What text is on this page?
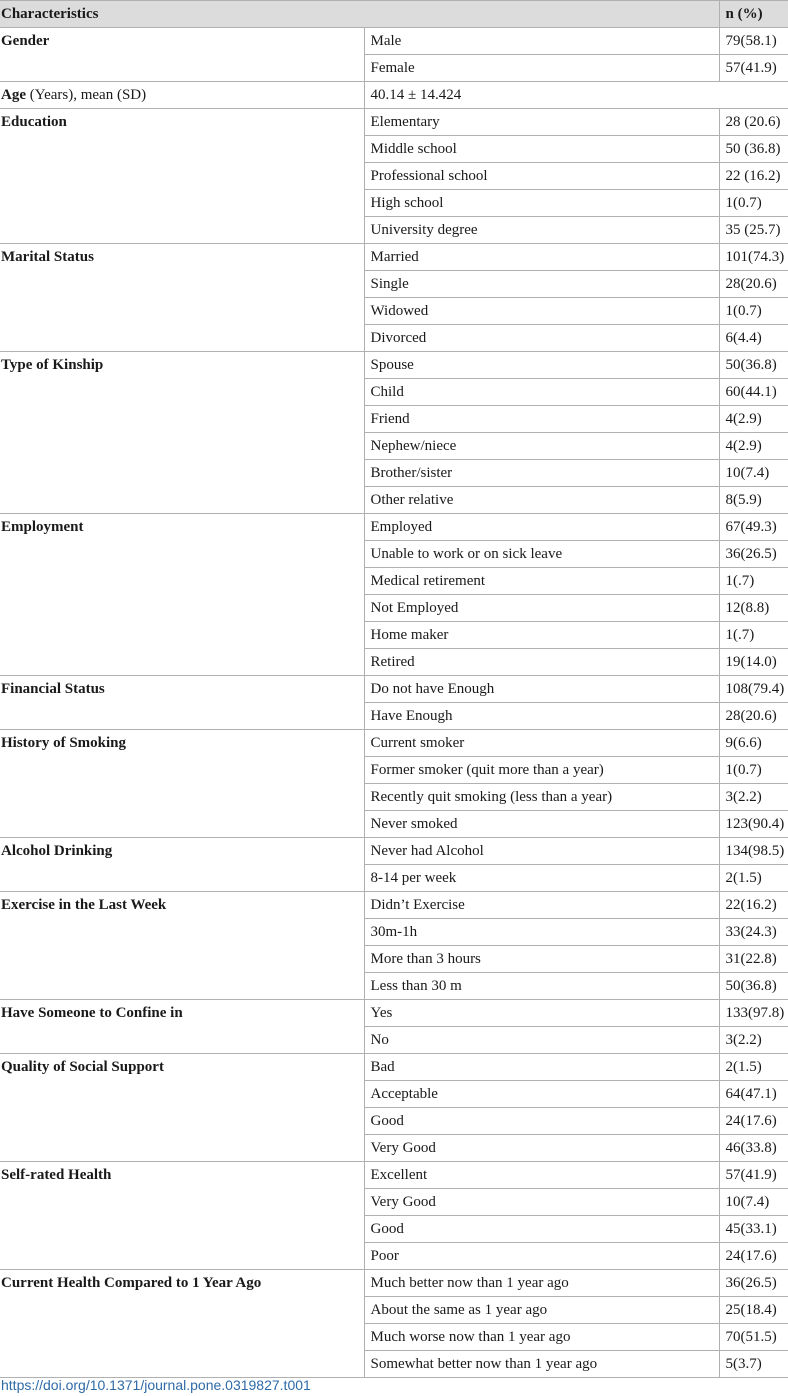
Characteristics		n (%)
Gender	Male	79(58.1)
	Female	57(41.9)
Age (Years), mean (SD)	40.14 ± 14.424	
Education	Elementary	28 (20.6)
	Middle school	50 (36.8)
	Professional school	22 (16.2)
	High school	1(0.7)
	University degree	35 (25.7)
Marital Status	Married	101(74.3)
	Single	28(20.6)
	Widowed	1(0.7)
	Divorced	6(4.4)
Type of Kinship	Spouse	50(36.8)
	Child	60(44.1)
	Friend	4(2.9)
	Nephew/niece	4(2.9)
	Brother/sister	10(7.4)
	Other relative	8(5.9)
Employment	Employed	67(49.3)
	Unable to work or on sick leave	36(26.5)
	Medical retirement	1(.7)
	Not Employed	12(8.8)
	Home maker	1(.7)
	Retired	19(14.0)
Financial Status	Do not have Enough	108(79.4)
	Have Enough	28(20.6)
History of Smoking	Current smoker	9(6.6)
	Former smoker (quit more than a year)	1(0.7)
	Recently quit smoking (less than a year)	3(2.2)
	Never smoked	123(90.4)
Alcohol Drinking	Never had Alcohol	134(98.5)
	8-14 per week	2(1.5)
Exercise in the Last Week	Didn’t Exercise	22(16.2)
	30m-1h	33(24.3)
	More than 3 hours	31(22.8)
	Less than 30 m	50(36.8)
Have Someone to Confine in	Yes	133(97.8)
	No	3(2.2)
Quality of Social Support	Bad	2(1.5)
	Acceptable	64(47.1)
	Good	24(17.6)
	Very Good	46(33.8)
Self-rated Health	Excellent	57(41.9)
	Very Good	10(7.4)
	Good	45(33.1)
	Poor	24(17.6)
Current Health Compared to 1 Year Ago	Much better now than 1 year ago	36(26.5)
	About the same as 1 year ago	25(18.4)
	Much worse now than 1 year ago	70(51.5)
	Somewhat better now than 1 year ago	5(3.7)
https://doi.org/10.1371/journal.pone.0319827.t001
